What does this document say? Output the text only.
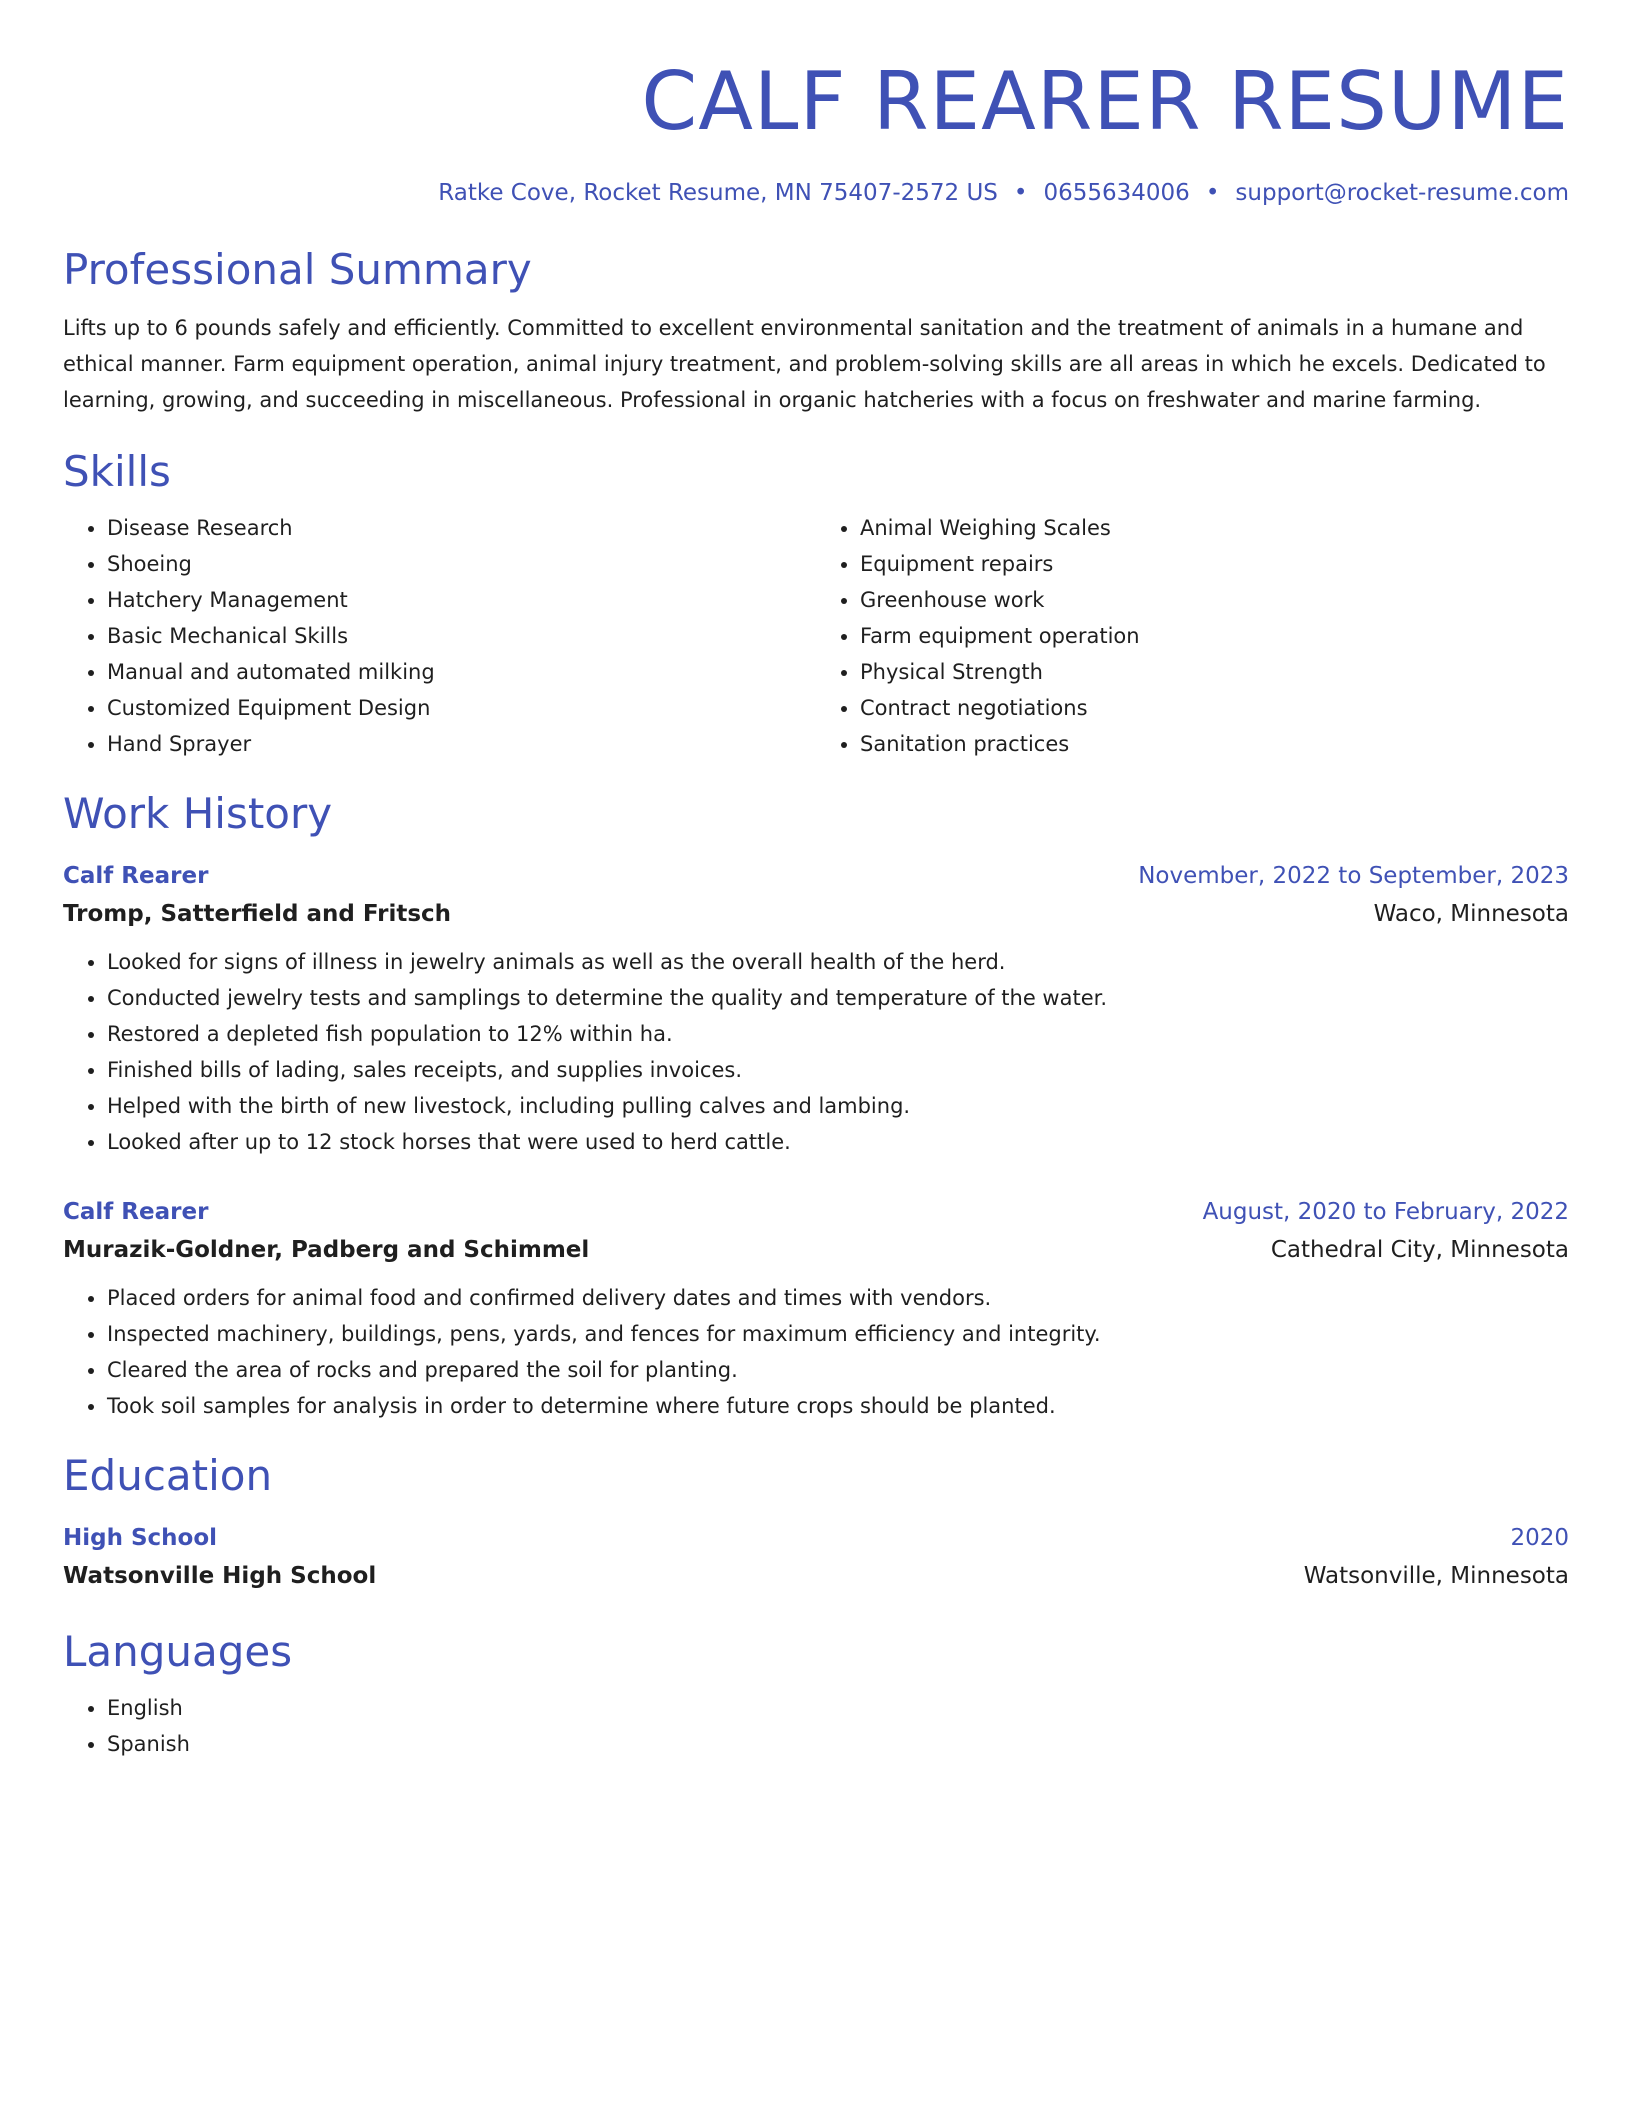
CALF REARER RESUME
Ratke Cove, Rocket Resume, MN 75407-2572 US • 0655634006 • support@rocket-resume.com
Professional Summary
Lifts up to 6 pounds safely and efficiently. Committed to excellent environmental sanitation and the treatment of animals in a humane and ethical manner. Farm equipment operation, animal injury treatment, and problem-solving skills are all areas in which he excels. Dedicated to learning, growing, and succeeding in miscellaneous. Professional in organic hatcheries with a focus on freshwater and marine farming.
Skills
• Disease Research
• Shoeing
• Hatchery Management
• Basic Mechanical Skills
• Manual and automated milking
• Customized Equipment Design
• Hand Sprayer
• Animal Weighing Scales
• Equipment repairs
• Greenhouse work
• Farm equipment operation
• Physical Strength
• Contract negotiations
• Sanitation practices
Work History
Calf Rearer	November, 2022 to September, 2023
Tromp, Satterfield and Fritsch	Waco, Minnesota
• Looked for signs of illness in jewelry animals as well as the overall health of the herd.
• Conducted jewelry tests and samplings to determine the quality and temperature of the water.
• Restored a depleted fish population to 12% within ha.
• Finished bills of lading, sales receipts, and supplies invoices.
• Helped with the birth of new livestock, including pulling calves and lambing.
• Looked after up to 12 stock horses that were used to herd cattle.
Calf Rearer	August, 2020 to February, 2022
Murazik-Goldner, Padberg and Schimmel	Cathedral City, Minnesota
• Placed orders for animal food and confirmed delivery dates and times with vendors.
• Inspected machinery, buildings, pens, yards, and fences for maximum efficiency and integrity.
• Cleared the area of rocks and prepared the soil for planting.
• Took soil samples for analysis in order to determine where future crops should be planted.
Education
High School	2020
Watsonville High School	Watsonville, Minnesota
Languages
• English
• Spanish
